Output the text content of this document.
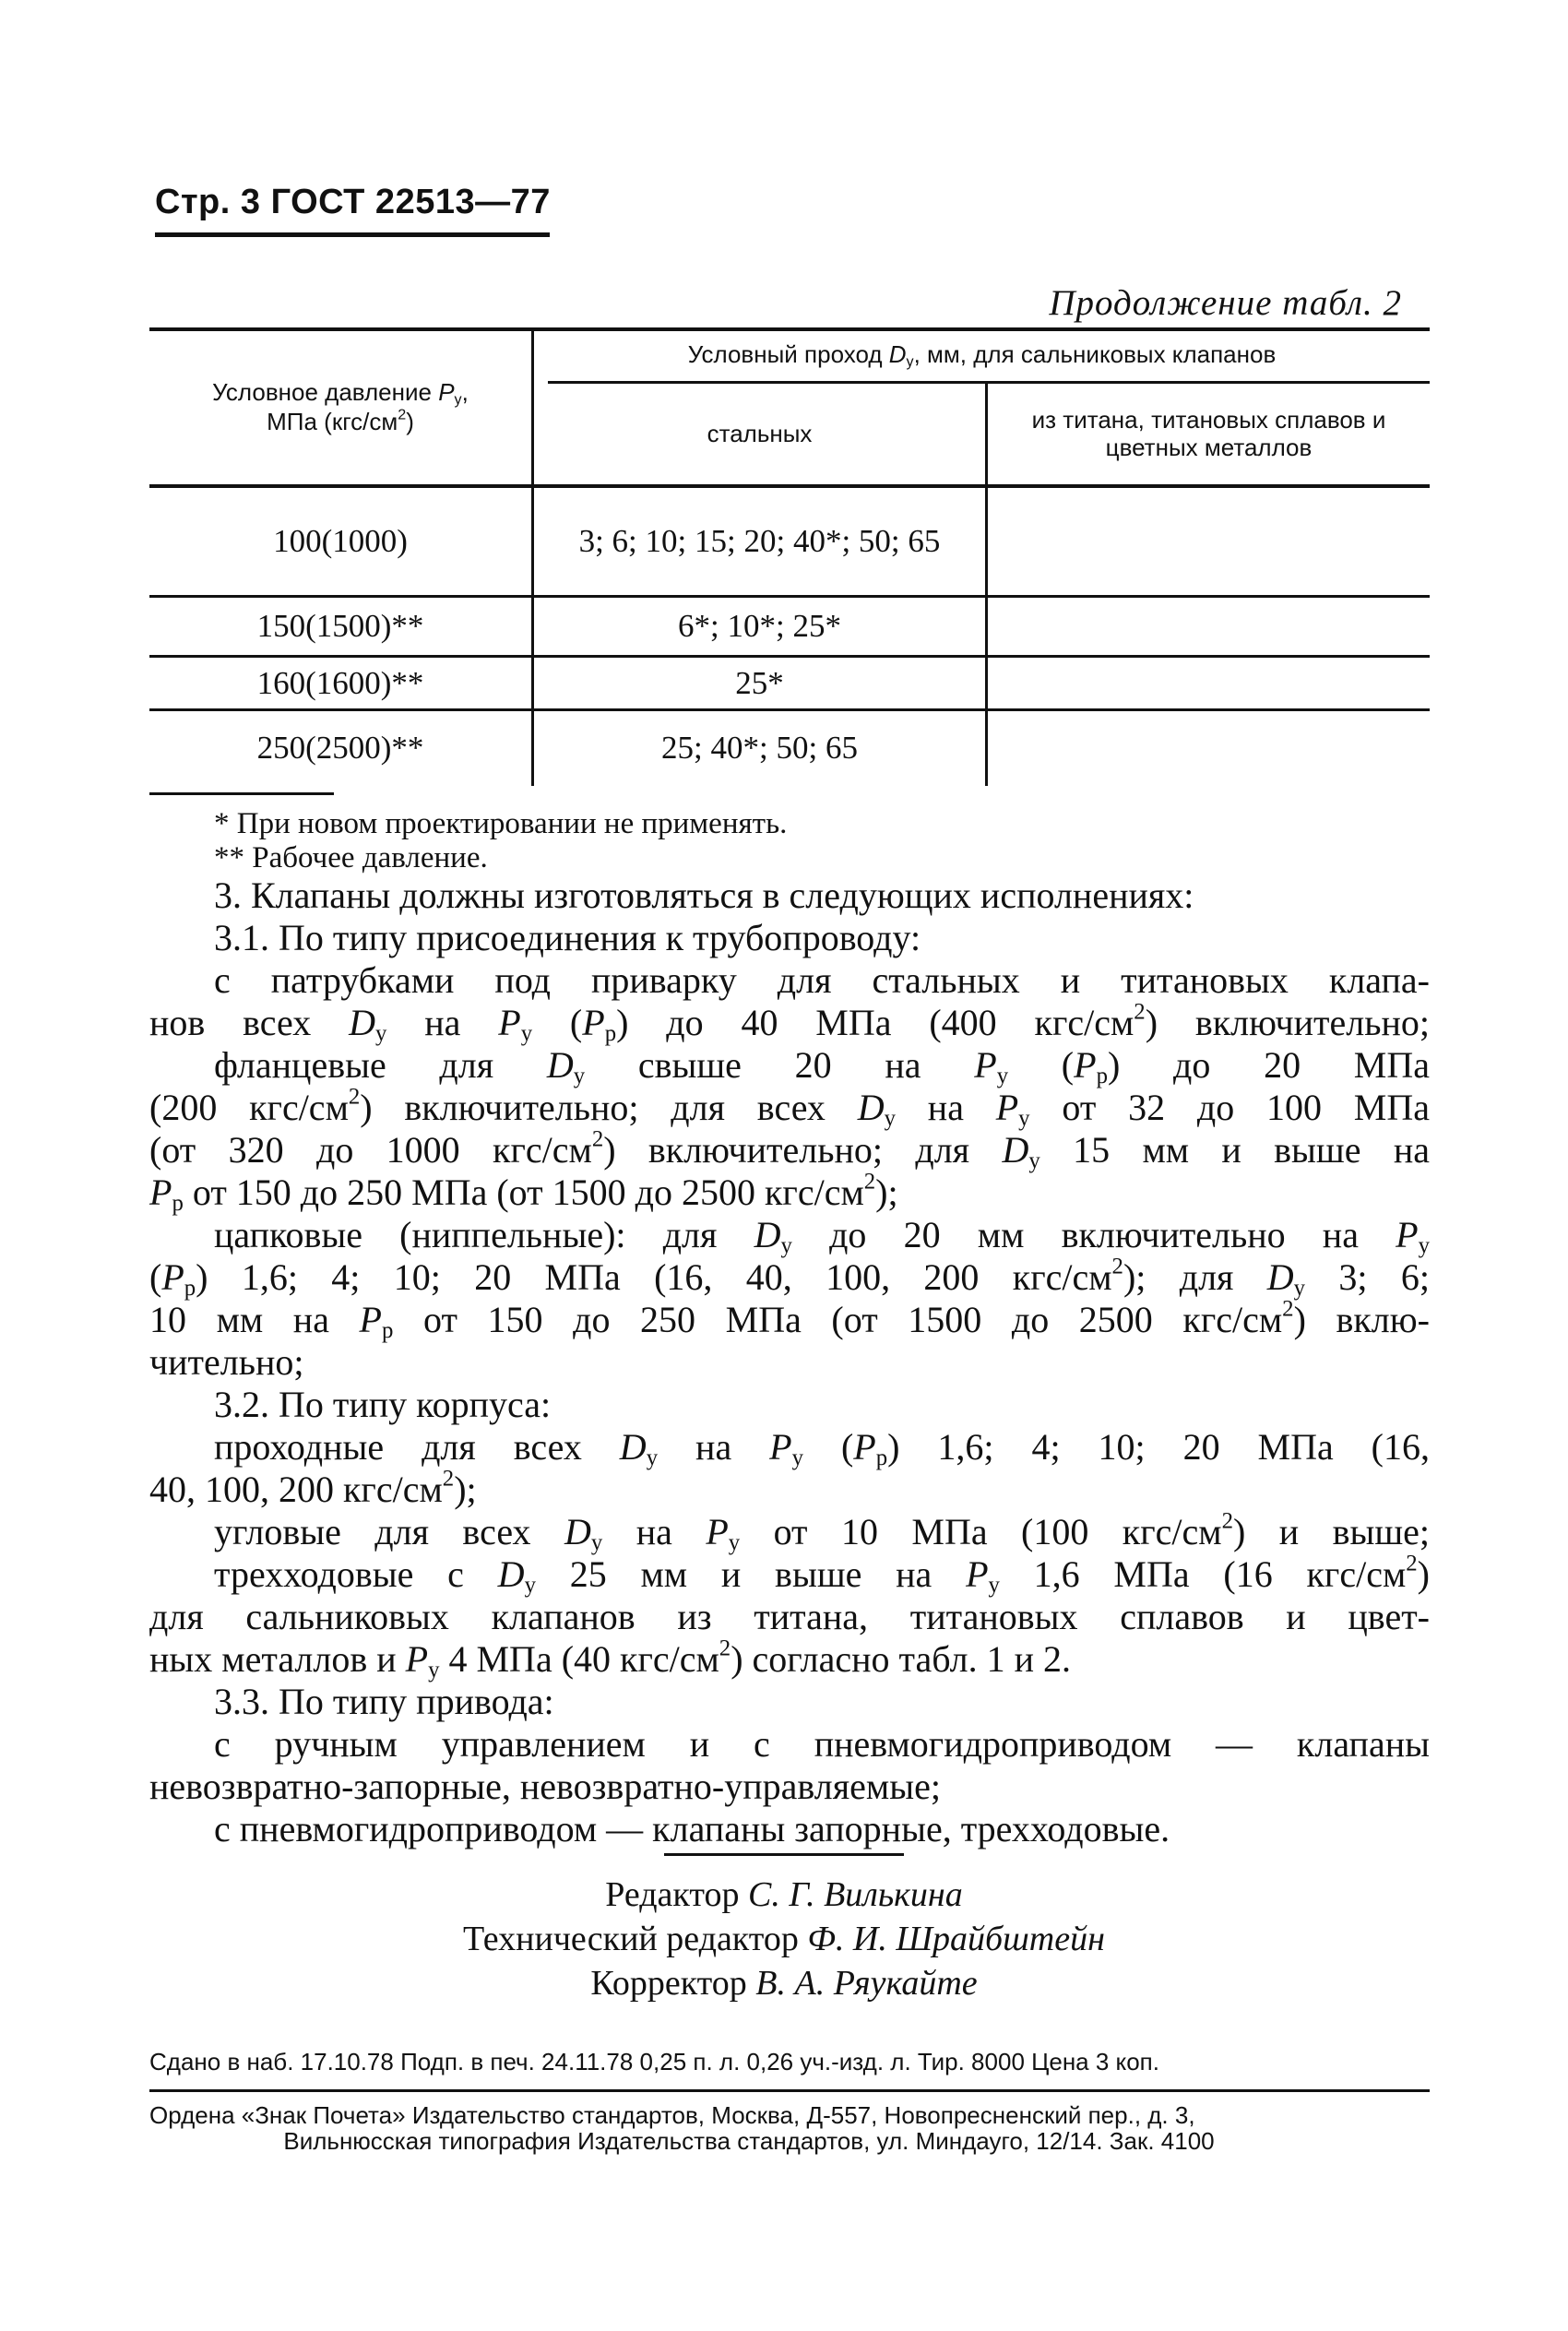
Стр. 3 ГОСТ 22513—77
Продолжение табл. 2
Условное давление $P_у$, МПа $(кгс/см^2)$
Условный проход $D_у$, мм, для сальниковых клапанов
стальных	из титана, титановых сплавов и цветных металлов
100(1000)	3; 6; 10; 15; 20; 40*; 50; 65
150(1500)**	6*; 10*; 25*
160(1600)**	25*
250(2500)**	25; 40*; 50; 65
* При новом проектировании не применять.
** Рабочее давление.
3. Клапаны должны изготовляться в следующих исполнениях:
3.1. По типу присоединения к трубопроводу:
с патрубками под приварку для стальных и титановых клапа-
нов всех $D_у$ на $P_у$ $(P_р)$ до 40 МПа (400 кгс/$см^2$) включительно;
фланцевые для $D_у$ свыше 20 на $P_у$ $(P_р)$ до 20 МПа
(200 кгс/$см^2$) включительно; для всех $D_у$ на $P_у$ от 32 до 100 МПа
(от 320 до 1000 кгс/$см^2$) включительно; для $D_у$ 15 мм и выше на
$P_р$ от 150 до 250 МПа (от 1500 до 2500 кгс/$см^2$);
цапковые (ниппельные): для $D_у$ до 20 мм включительно на $P_у$
$(P_р)$ 1,6; 4; 10; 20 МПа (16, 40, 100, 200 кгс/$см^2$); для $D_у$ 3; 6;
10 мм на $P_р$ от 150 до 250 МПа (от 1500 до 2500 кгс/$см^2$) вклю-
чительно;
3.2. По типу корпуса:
проходные для всех $D_у$ на $P_у$ $(P_р)$ 1,6; 4; 10; 20 МПа (16,
40, 100, 200 кгс/$см^2$);
угловые для всех $D_у$ на $P_у$ от 10 МПа (100 кгс/$см^2$) и выше;
трехходовые с $D_у$ 25 мм и выше на $P_у$ 1,6 МПа (16 кгс/$см^2$)
для сальниковых клапанов из титана, титановых сплавов и цвет-
ных металлов и $P_у$ 4 МПа (40 кгс/$см^2$) согласно табл. 1 и 2.
3.3. По типу привода:
с ручным управлением и с пневмогидроприводом — клапаны
невозвратно-запорные, невозвратно-управляемые;
с пневмогидроприводом — клапаны запорные, трехходовые.
Редактор С. Г. Вилькина
Технический редактор Ф. И. Шрайбштейн
Корректор В. А. Ряукайте
Сдано в наб. 17.10.78 Подп. в печ. 24.11.78 0,25 п. л. 0,26 уч.-изд. л. Тир. 8000 Цена 3 коп.
Ордена «Знак Почета» Издательство стандартов, Москва, Д-557, Новопресненский пер., д. 3,
Вильнюсская типография Издательства стандартов, ул. Миндауго, 12/14. Зак. 4100
